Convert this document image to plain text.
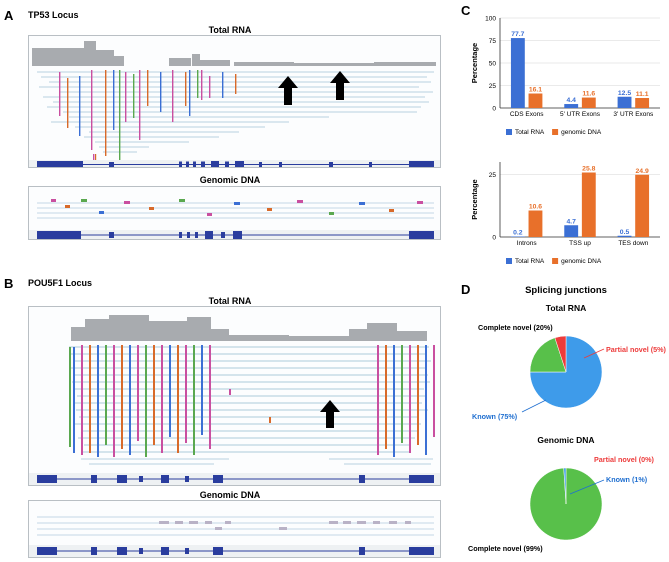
A TP53 Locus
Total RNA
Genomic DNA
B POU5F1 Locus
Total RNA
Genomic DNA
C
0
25
50
75
100
Percentage
77.7
16.1
CDS Exons
4.4
11.6
5' UTR Exons
12.5 11.1
3' UTR Exons
Total RNA	genomic DNA
0
25
Percentage
0.2
10.6
Introns
4.7
25.8
TSS up
0.5
24.9
TES down
Total RNA	genomic DNA
D	Splicing junctions
Total RNA
Complete novel (20%)
Partial novel (5%)
Known (75%)
Genomic DNA
Partial novel (0%)
Known (1%)
Complete novel (99%)
